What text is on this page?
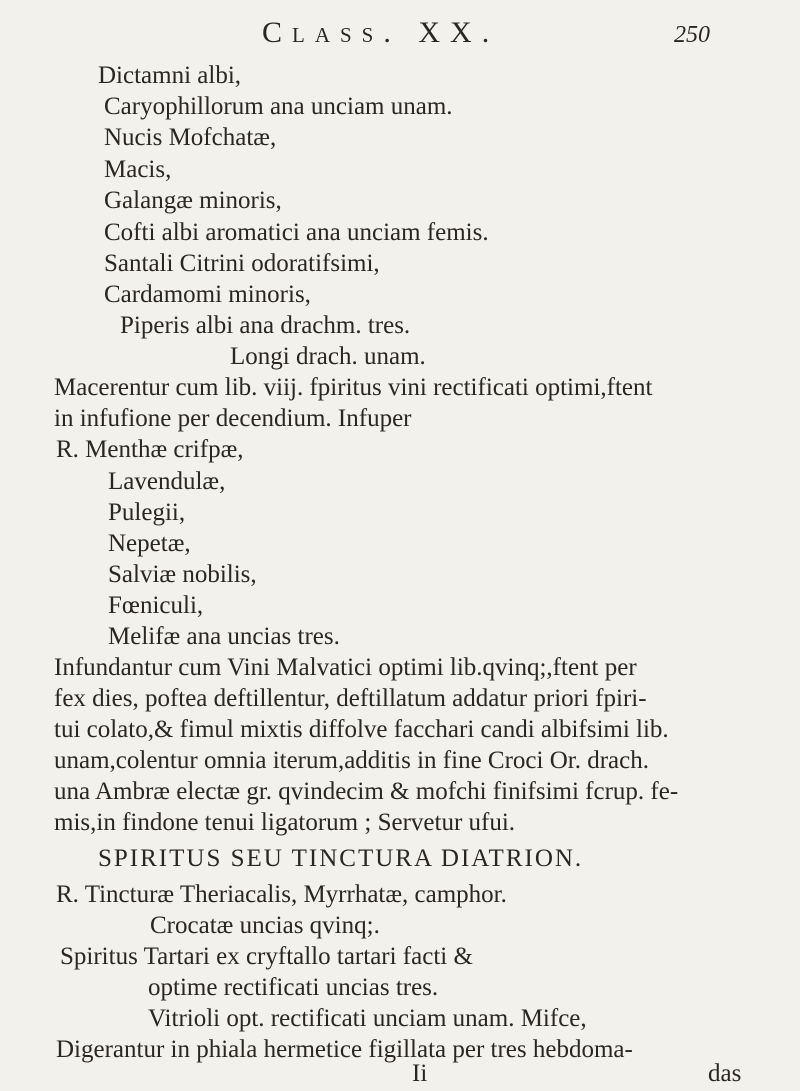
Class. XX.	250
Dictamni albi,
Caryophillorum ana unciam unam.
Nucis Mofchatæ,
Macis,
Galangæ minoris,
Cofti albi aromatici ana unciam femis.
Santali Citrini odoratifsimi,
Cardamomi minoris,
Piperis albi ana drachm. tres.
Longi drach. unam.
Macerentur cum lib. viij. fpiritus vini rectificati optimi,ftent
in infufione per decendium. Infuper
R. Menthæ crifpæ,
Lavendulæ,
Pulegii,
Nepetæ,
Salviæ nobilis,
Fœniculi,
Melifæ ana uncias tres.
Infundantur cum Vini Malvatici optimi lib.qvinq;,ftent per
fex dies, poftea deftillentur, deftillatum addatur priori fpiri-
tui colato,& fimul mixtis diffolve facchari candi albifsimi lib.
unam,colentur omnia iterum,additis in fine Croci Or. drach.
una Ambræ electæ gr. qvindecim & mofchi finifsimi fcrup. fe-
mis,in findone tenui ligatorum ; Servetur ufui.
SPIRITUS SEU TINCTURA DIATRION.
R. Tincturæ Theriacalis, Myrrhatæ, camphor.
Crocatæ uncias qvinq;.
Spiritus Tartari ex cryftallo tartari facti &
optime rectificati uncias tres.
Vitrioli opt. rectificati unciam unam. Mifce,
Digerantur in phiala hermetice figillata per tres hebdoma-
Ii	das
